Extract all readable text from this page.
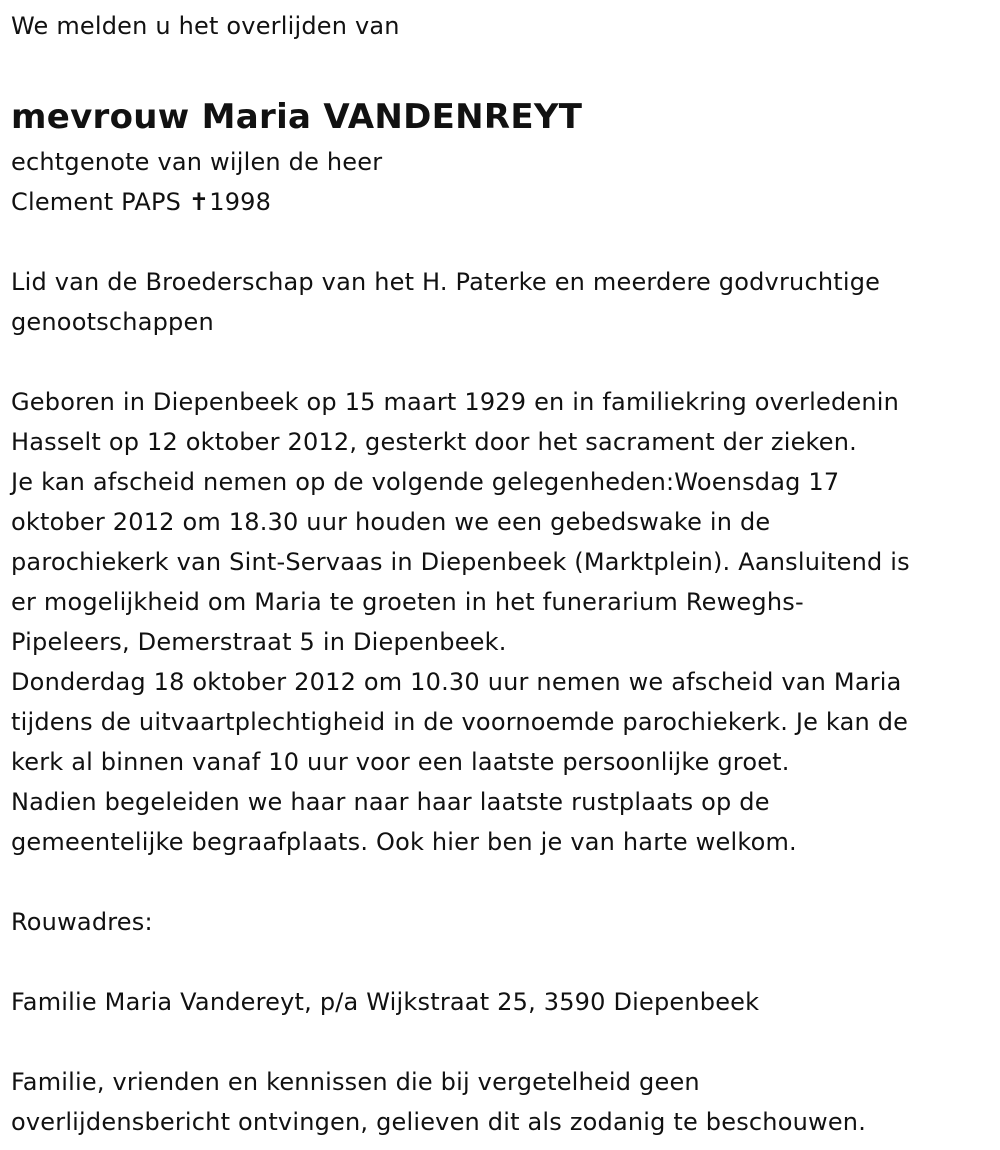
We melden u het overlijden van
mevrouw Maria VANDENREYT
echtgenote van wijlen de heer
Clement PAPS ✝1998
Lid van de Broederschap van het H. Paterke en meerdere godvruchtige
genootschappen
Geboren in Diepenbeek op 15 maart 1929 en in familiekring overledenin
Hasselt op 12 oktober 2012, gesterkt door het sacrament der zieken.
Je kan afscheid nemen op de volgende gelegenheden:Woensdag 17
oktober 2012 om 18.30 uur houden we een gebedswake in de
parochiekerk van Sint-Servaas in Diepenbeek (Marktplein). Aansluitend is
er mogelijkheid om Maria te groeten in het funerarium Reweghs-
Pipeleers, Demerstraat 5 in Diepenbeek.
Donderdag 18 oktober 2012 om 10.30 uur nemen we afscheid van Maria
tijdens de uitvaartplechtigheid in de voornoemde parochiekerk. Je kan de
kerk al binnen vanaf 10 uur voor een laatste persoonlijke groet.
Nadien begeleiden we haar naar haar laatste rustplaats op de
gemeentelijke begraafplaats. Ook hier ben je van harte welkom.
Rouwadres:
Familie Maria Vandereyt, p/a Wijkstraat 25, 3590 Diepenbeek
Familie, vrienden en kennissen die bij vergetelheid geen
overlijdensbericht ontvingen, gelieven dit als zodanig te beschouwen.
